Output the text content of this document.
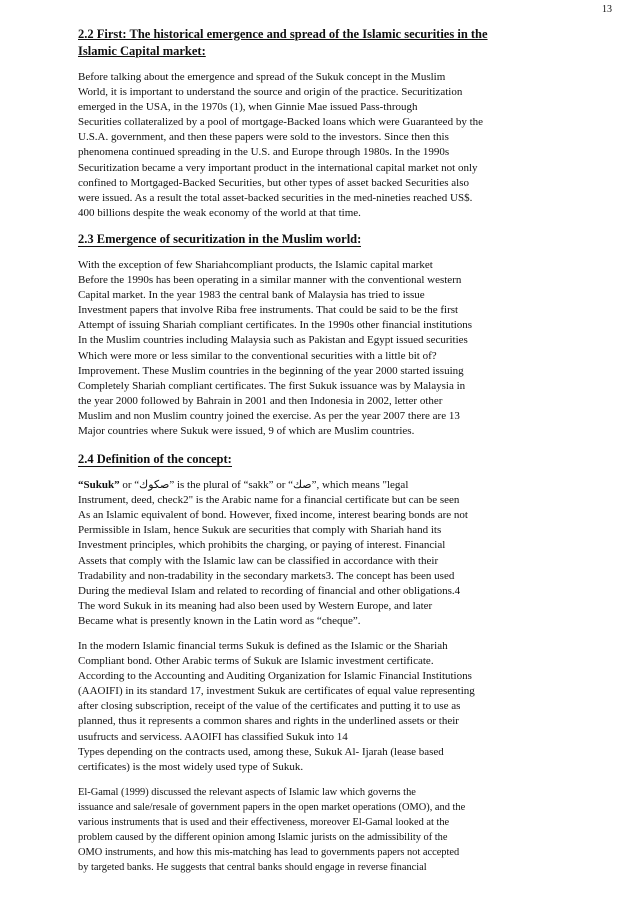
13
2.2 First: The historical emergence and spread of the Islamic securities in the
Islamic Capital market:
Before talking about the emergence and spread of the Sukuk concept in the Muslim
World, it is important to understand the source and origin of the practice. Securitization
emerged in the USA, in the 1970s (1), when Ginnie Mae issued Pass-through
Securities collateralized by a pool of mortgage-Backed loans which were Guaranteed by the
U.S.A. government, and then these papers were sold to the investors. Since then this
phenomena continued spreading in the U.S. and Europe through 1980s. In the 1990s
Securitization became a very important product in the international capital market not only
confined to Mortgaged-Backed Securities, but other types of asset backed Securities also
were issued. As a result the total asset-backed securities in the med-nineties reached US$.
400 billions despite the weak economy of the world at that time.
2.3 Emergence of securitization in the Muslim world:
With the exception of few Shariahcompliant products, the Islamic capital market
Before the 1990s has been operating in a similar manner with the conventional western
Capital market. In the year 1983 the central bank of Malaysia has tried to issue
Investment papers that involve Riba free instruments. That could be said to be the first
Attempt of issuing Shariah compliant certificates. In the 1990s other financial institutions
In the Muslim countries including Malaysia such as Pakistan and Egypt issued securities
Which were more or less similar to the conventional securities with a little bit of?
Improvement. These Muslim countries in the beginning of the year 2000 started issuing
Completely Shariah compliant certificates. The first Sukuk issuance was by Malaysia in
the year 2000 followed by Bahrain in 2001 and then Indonesia in 2002, letter other
Muslim and non Muslim country joined the exercise. As per the year 2007 there are 13
Major countries where Sukuk were issued, 9 of which are Muslim countries.
2.4 Definition of the concept:
“Sukuk” or “صكوك” is the plural of “sakk” or “صك”, which means "legal
Instrument, deed, check2" is the Arabic name for a financial certificate but can be seen
As an Islamic equivalent of bond. However, fixed income, interest bearing bonds are not
Permissible in Islam, hence Sukuk are securities that comply with Shariah hand its
Investment principles, which prohibits the charging, or paying of interest. Financial
Assets that comply with the Islamic law can be classified in accordance with their
Tradability and non-tradability in the secondary markets3. The concept has been used
During the medieval Islam and related to recording of financial and other obligations.4
The word Sukuk in its meaning had also been used by Western Europe, and later
Became what is presently known in the Latin word as “cheque”.
In the modern Islamic financial terms Sukuk is defined as the Islamic or the Shariah
Compliant bond. Other Arabic terms of Sukuk are Islamic investment certificate.
According to the Accounting and Auditing Organization for Islamic Financial Institutions
(AAOIFI) in its standard 17, investment Sukuk are certificates of equal value representing
after closing subscription, receipt of the value of the certificates and putting it to use as
planned, thus it represents a common shares and rights in the underlined assets or their
usufructs and servicess. AAOIFI has classified Sukuk into 14
Types depending on the contracts used, among these, Sukuk Al- Ijarah (lease based
certificates) is the most widely used type of Sukuk.
El-Gamal (1999) discussed the relevant aspects of Islamic law which governs the
issuance and sale/resale of government papers in the open market operations (OMO), and the
various instruments that is used and their effectiveness, moreover El-Gamal looked at the
problem caused by the different opinion among Islamic jurists on the admissibility of the
OMO instruments, and how this mis-matching has lead to governments papers not accepted
by targeted banks. He suggests that central banks should engage in reverse financial
